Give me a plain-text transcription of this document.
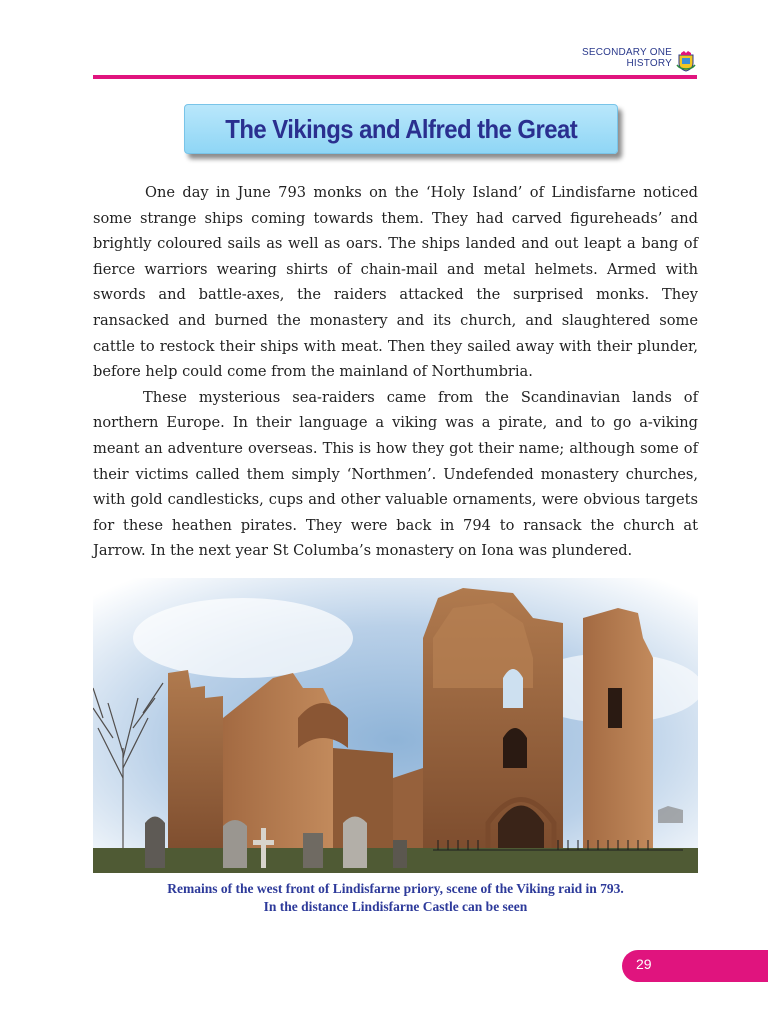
SECONDARY ONE
HISTORY
The Vikings and Alfred the Great

One day in June 793 monks on the ‘Holy Island’ of Lindisfarne noticed some strange ships coming towards them. They had carved figureheads’ and brightly coloured sails as well as oars. The ships landed and out leapt a bang of fierce warriors wearing shirts of chain-mail and metal helmets. Armed with swords and battle-axes, the raiders attacked the surprised monks. They ransacked and burned the monastery and its church, and slaughtered some cattle to restock their ships with meat. Then they sailed away with their plunder, before help could come from the mainland of Northumbria.

These mysterious sea-raiders came from the Scandinavian lands of northern Europe. In their language a viking was a pirate, and to go a-viking meant an adventure overseas. This is how they got their name; although some of their victims called them simply ‘Northmen’. Undefended monastery churches, with gold candlesticks, cups and other valuable ornaments, were obvious targets for these heathen pirates. They were back in 794 to ransack the church at Jarrow. In the next year St Columba’s monastery on Iona was plundered.

Remains of the west front of Lindisfarne priory, scene of the Viking raid in 793.
In the distance Lindisfarne Castle can be seen
29
